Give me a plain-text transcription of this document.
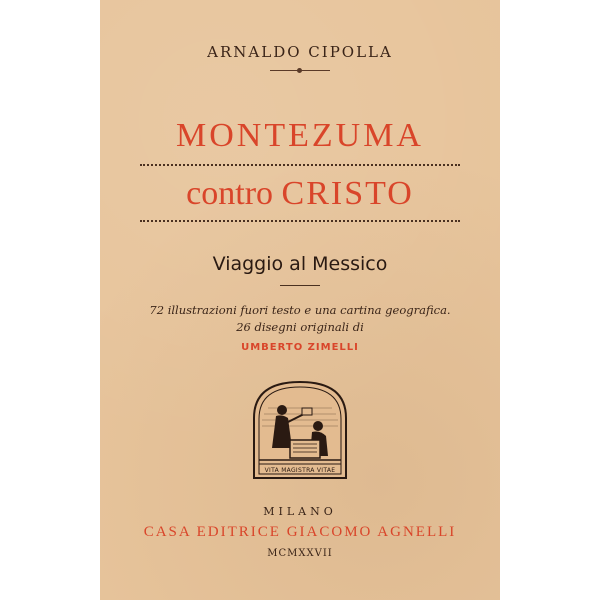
ARNALDO CIPOLLA
MONTEZUMA
contro CRISTO
Viaggio al Messico
72 illustrazioni fuori testo e una cartina geografica.
26 disegni originali di
UMBERTO ZIMELLI
VITA MAGISTRA VITAE
MILANO
CASA EDITRICE GIACOMO AGNELLI
MCMXXVII
